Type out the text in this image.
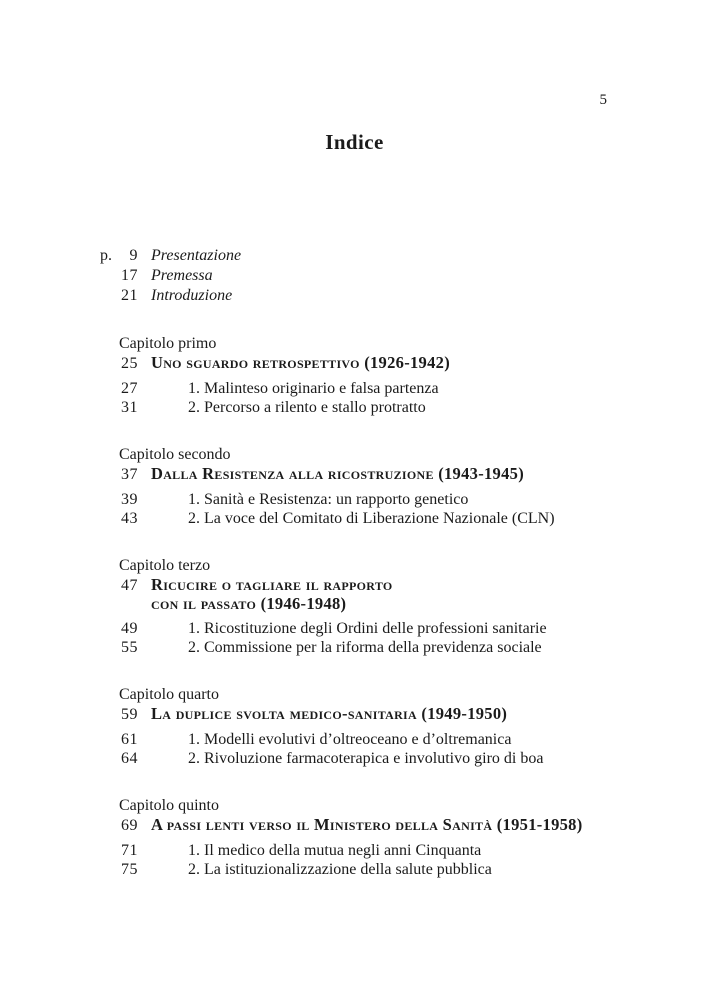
5
Indice
p. 9 Presentazione
17 Premessa
21 Introduzione
Capitolo primo
25 Uno sguardo retrospettivo (1926-1942)
27	1. Malinteso originario e falsa partenza
31	2. Percorso a rilento e stallo protratto
Capitolo secondo
37 Dalla Resistenza alla ricostruzione (1943-1945)
39	1. Sanità e Resistenza: un rapporto genetico
43	2. La voce del Comitato di Liberazione Nazionale (CLN)
Capitolo terzo
47 Ricucire o tagliare il rapporto
con il passato (1946-1948)
49	1. Ricostituzione degli Ordini delle professioni sanitarie
55	2. Commissione per la riforma della previdenza sociale
Capitolo quarto
59 La duplice svolta medico-sanitaria (1949-1950)
61	1. Modelli evolutivi d’oltreoceano e d’oltremanica
64	2. Rivoluzione farmacoterapica e involutivo giro di boa
Capitolo quinto
69 A passi lenti verso il Ministero della Sanità (1951-1958)
71	1. Il medico della mutua negli anni Cinquanta
75	2. La istituzionalizzazione della salute pubblica
